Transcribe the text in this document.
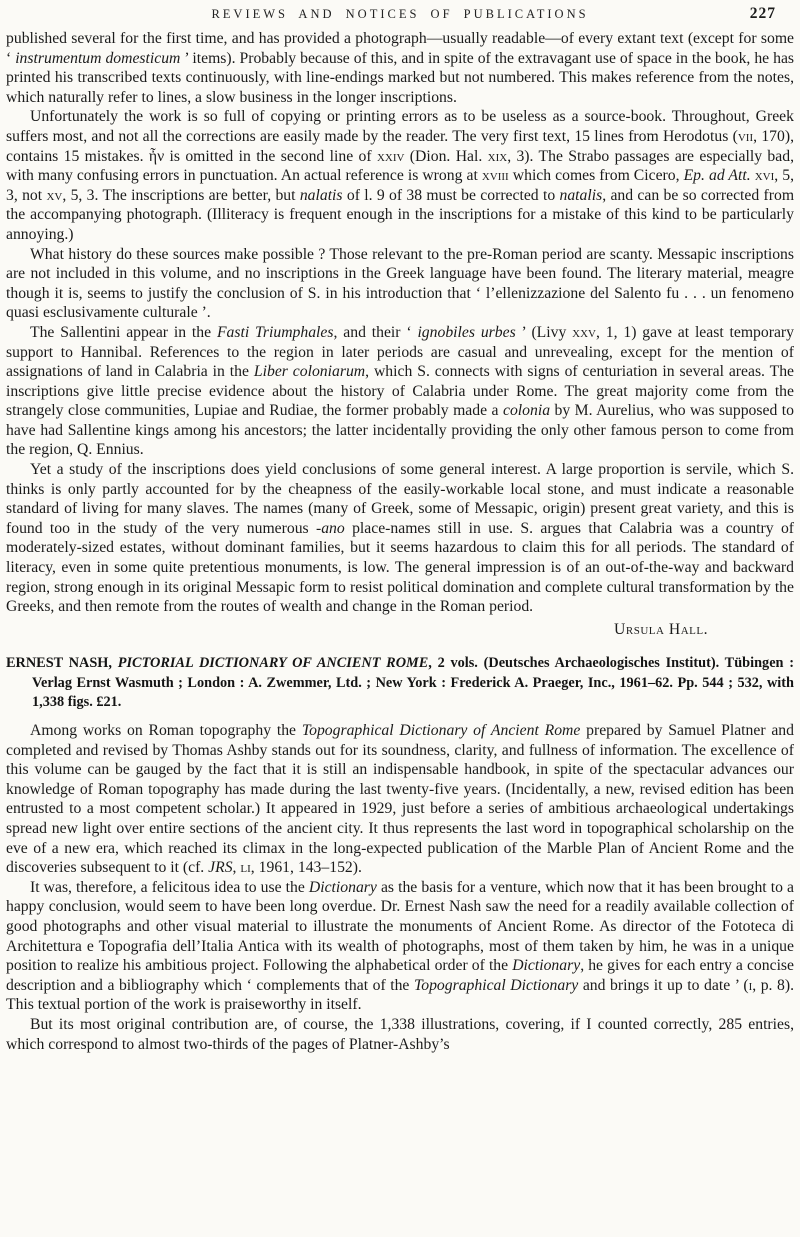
REVIEWS AND NOTICES OF PUBLICATIONS	227

published several for the first time, and has provided a photograph—usually readable—of every extant text (except for some ‘ instrumentum domesticum ’ items). Probably because of this, and in spite of the extravagant use of space in the book, he has printed his transcribed texts continuously, with line-endings marked but not numbered. This makes reference from the notes, which naturally refer to lines, a slow business in the longer inscriptions.

Unfortunately the work is so full of copying or printing errors as to be useless as a source-book. Throughout, Greek suffers most, and not all the corrections are easily made by the reader. The very first text, 15 lines from Herodotus (vii, 170), contains 15 mistakes. ἦν is omitted in the second line of xxiv (Dion. Hal. xix, 3). The Strabo passages are especially bad, with many confusing errors in punctuation. An actual reference is wrong at xviii which comes from Cicero, Ep. ad Att. xvi, 5, 3, not xv, 5, 3. The inscriptions are better, but nalatis of l. 9 of 38 must be corrected to natalis, and can be so corrected from the accompanying photograph. (Illiteracy is frequent enough in the inscriptions for a mistake of this kind to be particularly annoying.)

What history do these sources make possible ? Those relevant to the pre-Roman period are scanty. Messapic inscriptions are not included in this volume, and no inscriptions in the Greek language have been found. The literary material, meagre though it is, seems to justify the conclusion of S. in his introduction that ‘ l’ellenizzazione del Salento fu . . . un fenomeno quasi esclusivamente culturale ’.

The Sallentini appear in the Fasti Triumphales, and their ‘ ignobiles urbes ’ (Livy xxv, 1, 1) gave at least temporary support to Hannibal. References to the region in later periods are casual and unrevealing, except for the mention of assignations of land in Calabria in the Liber coloniarum, which S. connects with signs of centuriation in several areas. The inscriptions give little precise evidence about the history of Calabria under Rome. The great majority come from the strangely close communities, Lupiae and Rudiae, the former probably made a colonia by M. Aurelius, who was supposed to have had Sallentine kings among his ancestors; the latter incidentally providing the only other famous person to come from the region, Q. Ennius.

Yet a study of the inscriptions does yield conclusions of some general interest. A large proportion is servile, which S. thinks is only partly accounted for by the cheapness of the easily-workable local stone, and must indicate a reasonable standard of living for many slaves. The names (many of Greek, some of Messapic, origin) present great variety, and this is found too in the study of the very numerous -ano place-names still in use. S. argues that Calabria was a country of moderately-sized estates, without dominant families, but it seems hazardous to claim this for all periods. The standard of literacy, even in some quite pretentious monuments, is low. The general impression is of an out-of-the-way and backward region, strong enough in its original Messapic form to resist political domination and complete cultural transformation by the Greeks, and then remote from the routes of wealth and change in the Roman period.

Ursula Hall.
ERNEST NASH, PICTORIAL DICTIONARY OF ANCIENT ROME, 2 vols. (Deutsches Archaeologisches Institut). Tübingen : Verlag Ernst Wasmuth ; London : A. Zwemmer, Ltd. ; New York : Frederick A. Praeger, Inc., 1961–62. Pp. 544 ; 532, with 1,338 figs. £21.

Among works on Roman topography the Topographical Dictionary of Ancient Rome prepared by Samuel Platner and completed and revised by Thomas Ashby stands out for its soundness, clarity, and fullness of information. The excellence of this volume can be gauged by the fact that it is still an indispensable handbook, in spite of the spectacular advances our knowledge of Roman topography has made during the last twenty-five years. (Incidentally, a new, revised edition has been entrusted to a most competent scholar.) It appeared in 1929, just before a series of ambitious archaeological undertakings spread new light over entire sections of the ancient city. It thus represents the last word in topographical scholarship on the eve of a new era, which reached its climax in the long-expected publication of the Marble Plan of Ancient Rome and the discoveries subsequent to it (cf. JRS, li, 1961, 143–152).

It was, therefore, a felicitous idea to use the Dictionary as the basis for a venture, which now that it has been brought to a happy conclusion, would seem to have been long overdue. Dr. Ernest Nash saw the need for a readily available collection of good photographs and other visual material to illustrate the monuments of Ancient Rome. As director of the Fototeca di Architettura e Topografia dell’Italia Antica with its wealth of photographs, most of them taken by him, he was in a unique position to realize his ambitious project. Following the alphabetical order of the Dictionary, he gives for each entry a concise description and a bibliography which ‘ complements that of the Topographical Dictionary and brings it up to date ’ (i, p. 8). This textual portion of the work is praiseworthy in itself.

But its most original contribution are, of course, the 1,338 illustrations, covering, if I counted correctly, 285 entries, which correspond to almost two-thirds of the pages of Platner-Ashby’s
